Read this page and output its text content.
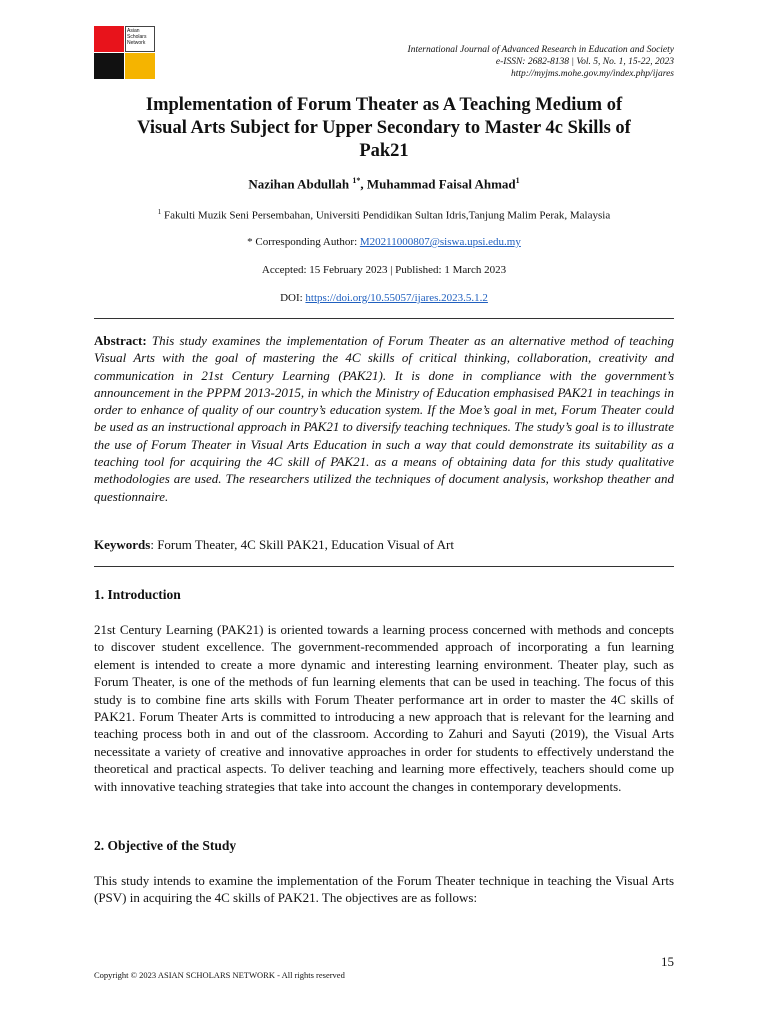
Asian
Scholars
Network
International Journal of Advanced Research in Education and Society
e-ISSN: 2682-8138 | Vol. 5, No. 1, 15-22, 2023
http://myjms.mohe.gov.my/index.php/ijares
Implementation of Forum Theater as A Teaching Medium of
Visual Arts Subject for Upper Secondary to Master 4c Skills of
Pak21
Nazihan Abdullah $^{1*}$, Muhammad Faisal Ahmad$^1$
$^1$ Fakulti Muzik Seni Persembahan, Universiti Pendidikan Sultan Idris,Tanjung Malim Perak, Malaysia
* Corresponding Author: M20211000807@siswa.upsi.edu.my
Accepted: 15 February 2023 | Published: 1 March 2023
DOI: https://doi.org/10.55057/ijares.2023.5.1.2
Abstract: This study examines the implementation of Forum Theater as an alternative method of teaching Visual Arts with the goal of mastering the 4C skills of critical thinking, collaboration, creativity and communication in 21st Century Learning (PAK21). It is done in compliance with the government’s announcement in the PPPM 2013-2015, in which the Ministry of Education emphasised PAK21 in teachings in order to enhance of quality of our country’s education system. If the Moe’s goal in met, Forum Theater could be used as an instructional approach in PAK21 to diversify teaching techniques. The study’s goal is to illustrate the use of Forum Theater in Visual Arts Education in such a way that could demonstrate its suitability as a teaching tool for acquiring the 4C skill of PAK21. as a means of obtaining data for this study qualitative methodologies are used. The researchers utilized the techniques of document analysis, workshop theather and questionnaire.
Keywords: Forum Theater, 4C Skill PAK21, Education Visual of Art
1. Introduction
21st Century Learning (PAK21) is oriented towards a learning process concerned with methods and concepts to discover student excellence. The government-recommended approach of incorporating a fun learning element is intended to create a more dynamic and interesting learning environment. Theater play, such as Forum Theater, is one of the methods of fun learning elements that can be used in teaching. The focus of this study is to combine fine arts skills with Forum Theater performance art in order to master the 4C skills of PAK21. Forum Theater Arts is committed to introducing a new approach that is relevant for the learning and teaching process both in and out of the classroom. According to Zahuri and Sayuti (2019), the Visual Arts necessitate a variety of creative and innovative approaches in order for students to effectively understand the theoretical and practical aspects. To deliver teaching and learning more effectively, teachers should come up with innovative teaching strategies that take into account the changes in contemporary developments.
2. Objective of the Study
This study intends to examine the implementation of the Forum Theater technique in teaching the Visual Arts (PSV) in acquiring the 4C skills of PAK21. The objectives are as follows:
15
Copyright © 2023 ASIAN SCHOLARS NETWORK - All rights reserved
